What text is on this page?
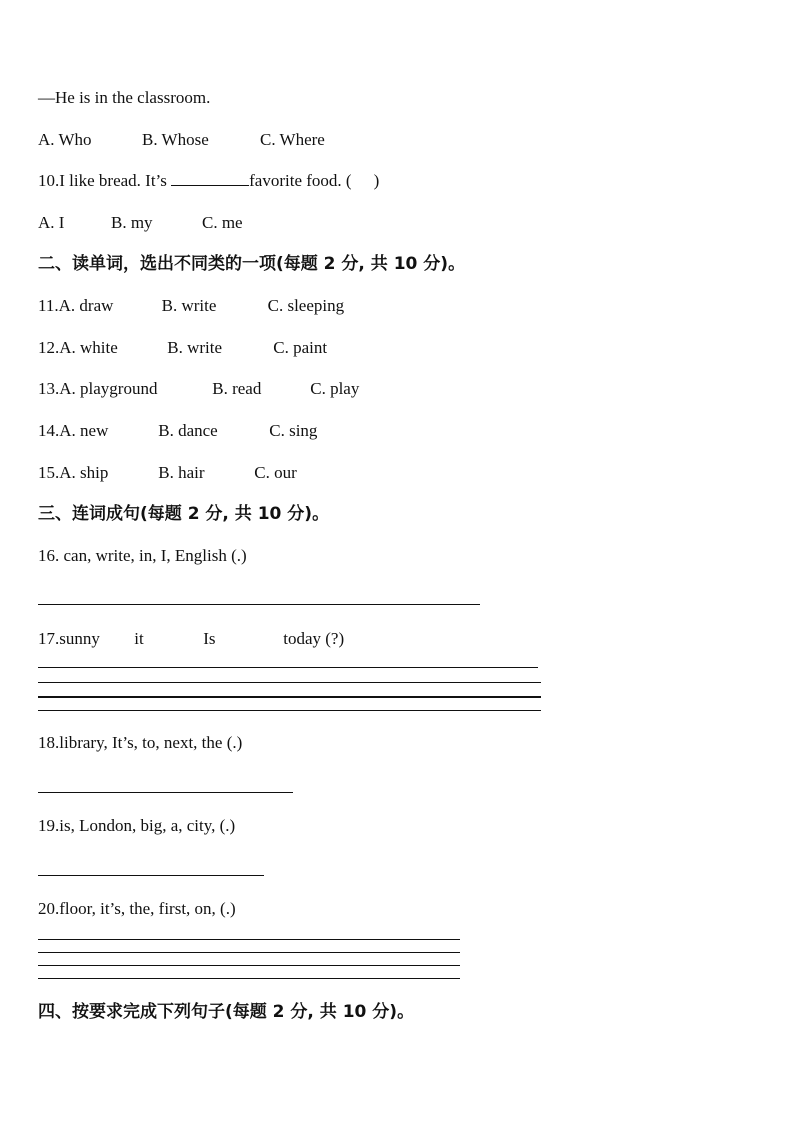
—He is in the classroom.
A. Who	B. Whose	C. Where
10.I like bread. It’s	favorite food. ( )
A. I	B. my	C. me
二、读单词，选出不同类的一项(每题 2 分, 共 10 分)。
11.A. draw	B. write	C. sleeping
12.A. white	B. write	C. paint
13.A. playground	B. read	C. play
14.A. new	B. dance	C. sing
15.A. ship	B. hair	C. our
三、连词成句(每题 2 分, 共 10 分)。
16. can, write, in, I, English (.)
17.sunny it	Is	today (?)
18.library, It’s, to, next, the (.)
19.is, London, big, a, city, (.)
20.floor, it’s, the, first, on, (.)
四、按要求完成下列句子(每题 2 分, 共 10 分)。
